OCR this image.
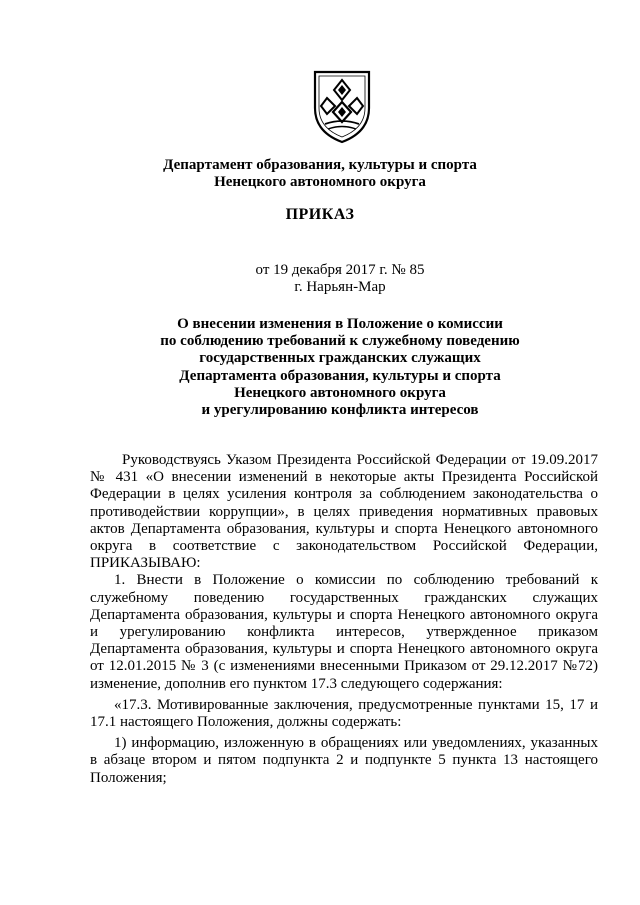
Департамент образования, культуры и спорта
Ненецкого автономного округа
ПРИКАЗ
от 19 декабря 2017 г. № 85
г. Нарьян-Мар
О внесении изменения в Положение о комиссии
по соблюдению требований к служебному поведению
государственных гражданских служащих
Департамента образования, культуры и спорта
Ненецкого автономного округа
и урегулированию конфликта интересов

Руководствуясь Указом Президента Российской Федерации от 19.09.2017 № 431 «О внесении изменений в некоторые акты Президента Российской Федерации в целях усиления контроля за соблюдением законодательства о противодействии коррупции», в целях приведения нормативных правовых актов Департамента образования, культуры и спорта Ненецкого автономного округа в соответствие с законодательством Российской Федерации, ПРИКАЗЫВАЮ:

1. Внести в Положение о комиссии по соблюдению требований к служебному поведению государственных гражданских служащих Департамента образования, культуры и спорта Ненецкого автономного округа и урегулированию конфликта интересов, утвержденное приказом Департамента образования, культуры и спорта Ненецкого автономного округа от 12.01.2015 № 3 (с изменениями внесенными Приказом от 29.12.2017 №72) изменение, дополнив его пунктом 17.3 следующего содержания:

«17.3. Мотивированные заключения, предусмотренные пунктами 15, 17 и 17.1 настоящего Положения, должны содержать:

1) информацию, изложенную в обращениях или уведомлениях, указанных в абзаце втором и пятом подпункта 2 и подпункте 5 пункта 13 настоящего Положения;
